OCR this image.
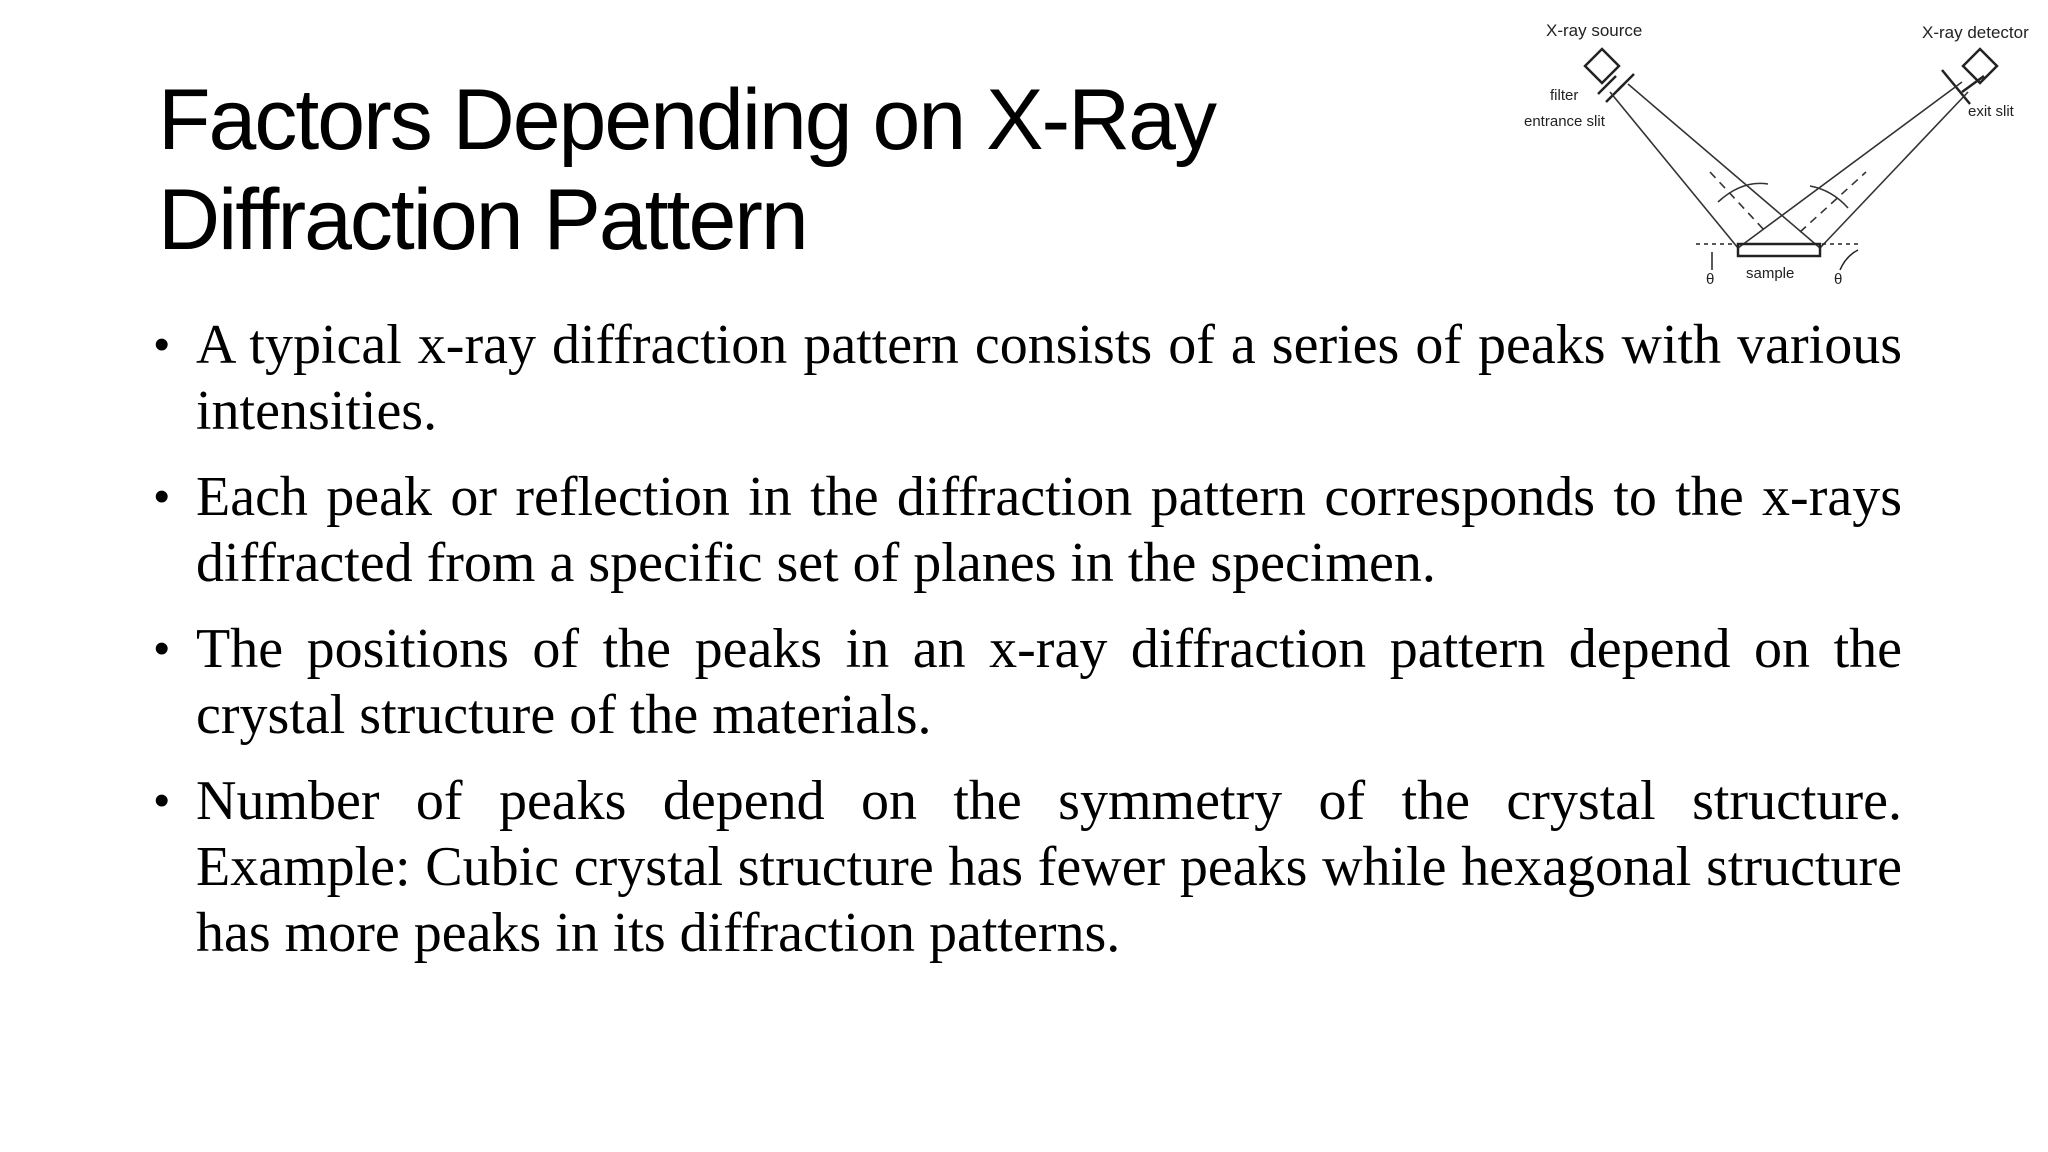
Factors Depending on X-Ray Diffraction Pattern
X-ray source	X-ray detector
filter
entrance slit
exit slit
sample
θ	θ
• A typical x-ray diffraction pattern consists of a series of peaks with various intensities.
• Each peak or reflection in the diffraction pattern corresponds to the x-rays diffracted from a specific set of planes in the specimen.
• The positions of the peaks in an x-ray diffraction pattern depend on the crystal structure of the materials.
• Number of peaks depend on the symmetry of the crystal structure. Example: Cubic crystal structure has fewer peaks while hexagonal structure has more peaks in its diffraction patterns.
